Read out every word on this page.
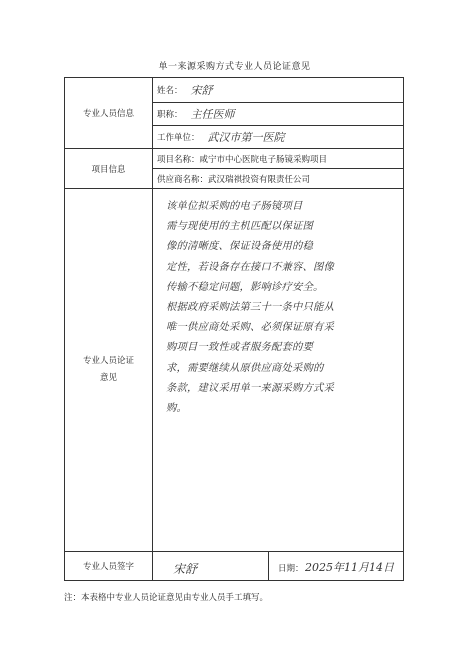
单一来源采购方式专业人员论证意见
专业人员信息
姓名： 宋舒
职称： 主任医师
工作单位： 武汉市第一医院
项目信息
项目名称： 咸宁市中心医院电子肠镜采购项目
供应商名称： 武汉瑞祺投资有限责任公司
专业人员论证
意见
该单位拟采购的电子肠镜项目
需与现使用的主机匹配以保证图
像的清晰度、保证设备使用的稳
定性，若设备存在接口不兼容、图像
传输不稳定问题，影响诊疗安全。
根据政府采购法第三十一条中只能从
唯一供应商处采购、必须保证原有采
购项目一致性或者服务配套的要
求，需要继续从原供应商处采购的
条款，建议采用单一来源采购方式采
购。
专业人员签字	宋舒	日期： 2025年11月14日
注：本表格中专业人员论证意见由专业人员手工填写。
